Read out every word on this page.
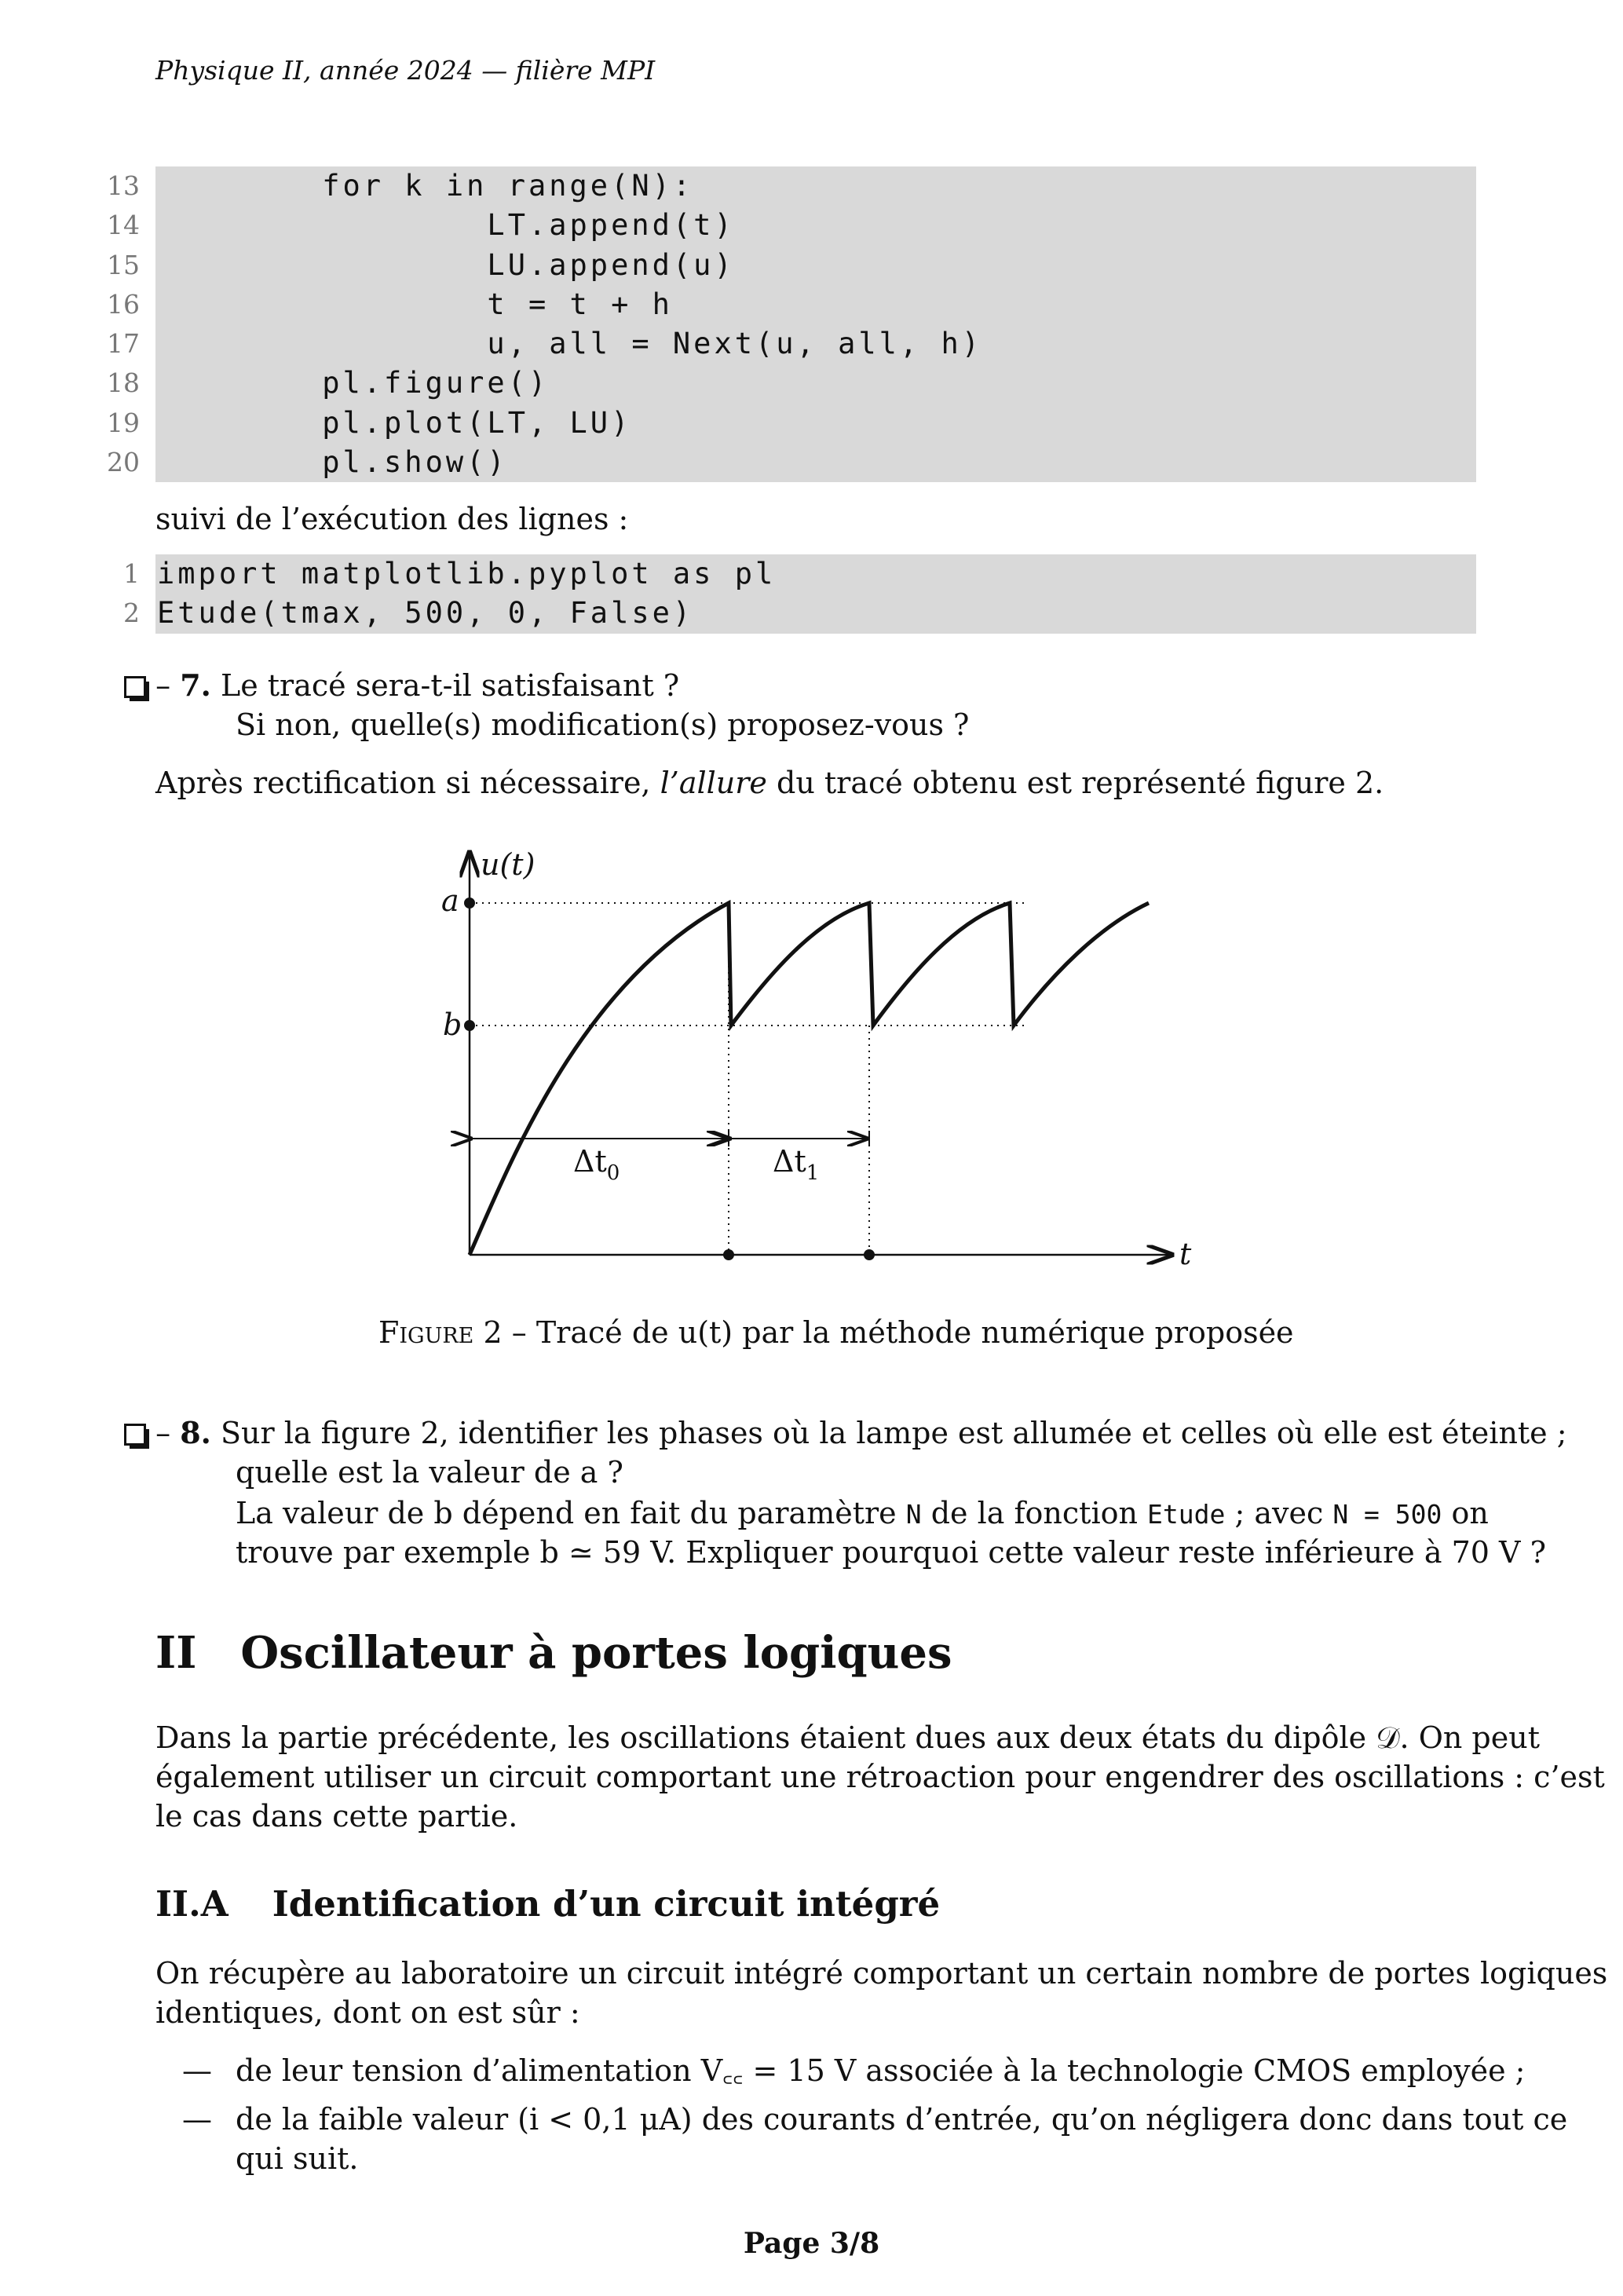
Physique II, année 2024 — filière MPI
13 for k in range(N):
14 LT.append(t)
15 LU.append(u)
16 t = t + h
17 u, all = Next(u, all, h)
18 pl.figure()
19 pl.plot(LT, LU)
20 pl.show()
suivi de l’exécution des lignes :
1 import matplotlib.pyplot as pl
2 Etude(tmax, 500, 0, False)
– 7. Le tracé sera-t-il satisfaisant ?
Si non, quelle(s) modification(s) proposez-vous ?
Après rectification si nécessaire, l’allure du tracé obtenu est représenté figure 2.
u(t)
t
a
b
$\Delta t_0$	$\Delta t_1$
Figure 2 – Tracé de u(t) par la méthode numérique proposée
– 8. Sur la figure 2, identifier les phases où la lampe est allumée et celles où elle est éteinte ;
quelle est la valeur de a ?
La valeur de b dépend en fait du paramètre N de la fonction Etude ; avec N = 500 on
trouve par exemple b ≃ 59 V. Expliquer pourquoi cette valeur reste inférieure à 70 V ?
II Oscillateur à portes logiques
Dans la partie précédente, les oscillations étaient dues aux deux états du dipôle 𝒟. On peut
également utiliser un circuit comportant une rétroaction pour engendrer des oscillations : c’est
le cas dans cette partie.
II.A Identification d’un circuit intégré
On récupère au laboratoire un circuit intégré comportant un certain nombre de portes logiques
identiques, dont on est sûr :
— de leur tension d’alimentation V꜀꜀ = 15 V associée à la technologie CMOS employée ;
— de la faible valeur (i < 0,1 μA) des courants d’entrée, qu’on négligera donc dans tout ce
qui suit.
Page 3/8
